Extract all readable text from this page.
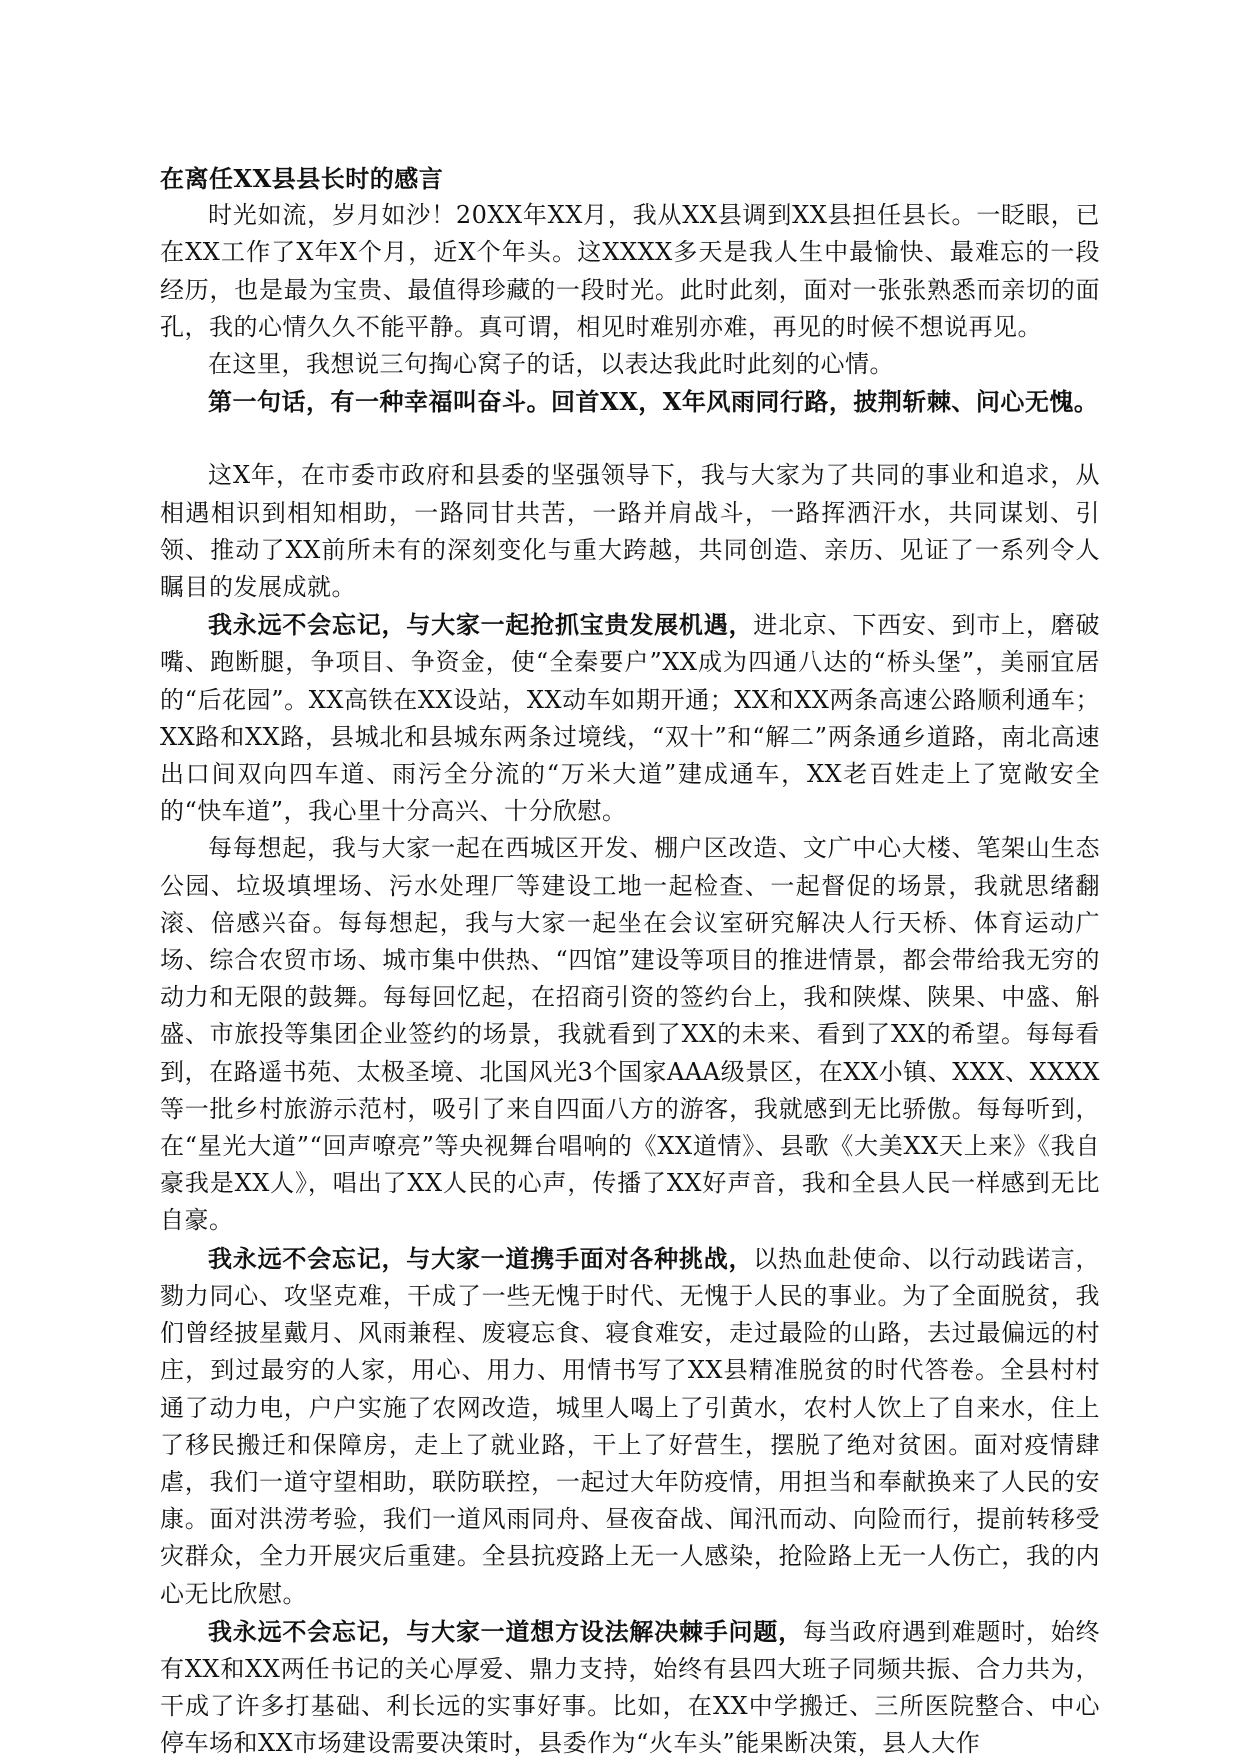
在离任XX县县长时的感言

时光如流，岁月如沙！20XX年XX月，我从XX县调到XX县担任县长。一眨眼，已在XX工作了X年X个月，近X个年头。这XXXX多天是我人生中最愉快、最难忘的一段经历，也是最为宝贵、最值得珍藏的一段时光。此时此刻，面对一张张熟悉而亲切的面孔，我的心情久久不能平静。真可谓，相见时难别亦难，再见的时候不想说再见。

在这里，我想说三句掏心窝子的话，以表达我此时此刻的心情。

第一句话，有一种幸福叫奋斗。回首XX，X年风雨同行路，披荆斩棘、问心无愧。

这X年，在市委市政府和县委的坚强领导下，我与大家为了共同的事业和追求，从相遇相识到相知相助，一路同甘共苦，一路并肩战斗，一路挥洒汗水，共同谋划、引领、推动了XX前所未有的深刻变化与重大跨越，共同创造、亲历、见证了一系列令人瞩目的发展成就。

我永远不会忘记，与大家一起抢抓宝贵发展机遇，进北京、下西安、到市上，磨破嘴、跑断腿，争项目、争资金，使“全秦要户”XX成为四通八达的“桥头堡”，美丽宜居的“后花园”。XX高铁在XX设站，XX动车如期开通；XX和XX两条高速公路顺利通车；XX路和XX路，县城北和县城东两条过境线，“双十”和“解二”两条通乡道路，南北高速出口间双向四车道、雨污全分流的“万米大道”建成通车，XX老百姓走上了宽敞安全的“快车道”，我心里十分高兴、十分欣慰。

每每想起，我与大家一起在西城区开发、棚户区改造、文广中心大楼、笔架山生态公园、垃圾填埋场、污水处理厂等建设工地一起检查、一起督促的场景，我就思绪翻滚、倍感兴奋。每每想起，我与大家一起坐在会议室研究解决人行天桥、体育运动广场、综合农贸市场、城市集中供热、“四馆”建设等项目的推进情景，都会带给我无穷的动力和无限的鼓舞。每每回忆起，在招商引资的签约台上，我和陕煤、陕果、中盛、斛盛、市旅投等集团企业签约的场景，我就看到了XX的未来、看到了XX的希望。每每看到，在路遥书苑、太极圣境、北国风光3个国家AAA级景区，在XX小镇、XXX、XXXX等一批乡村旅游示范村，吸引了来自四面八方的游客，我就感到无比骄傲。每每听到，在“星光大道”“回声嘹亮”等央视舞台唱响的《XX道情》、县歌《大美XX天上来》《我自豪我是XX人》，唱出了XX人民的心声，传播了XX好声音，我和全县人民一样感到无比自豪。

我永远不会忘记，与大家一道携手面对各种挑战，以热血赴使命、以行动践诺言，勠力同心、攻坚克难，干成了一些无愧于时代、无愧于人民的事业。为了全面脱贫，我们曾经披星戴月、风雨兼程、废寝忘食、寝食难安，走过最险的山路，去过最偏远的村庄，到过最穷的人家，用心、用力、用情书写了XX县精准脱贫的时代答卷。全县村村通了动力电，户户实施了农网改造，城里人喝上了引黄水，农村人饮上了自来水，住上了移民搬迁和保障房，走上了就业路，干上了好营生，摆脱了绝对贫困。面对疫情肆虐，我们一道守望相助，联防联控，一起过大年防疫情，用担当和奉献换来了人民的安康。面对洪涝考验，我们一道风雨同舟、昼夜奋战、闻汛而动、向险而行，提前转移受灾群众，全力开展灾后重建。全县抗疫路上无一人感染，抢险路上无一人伤亡，我的内心无比欣慰。

我永远不会忘记，与大家一道想方设法解决棘手问题，每当政府遇到难题时，始终有XX和XX两任书记的关心厚爱、鼎力支持，始终有县四大班子同频共振、合力共为，干成了许多打基础、利长远的实事好事。比如，在XX中学搬迁、三所医院整合、中心停车场和XX市场建设需要决策时，县委作为“火车头”能果断决策，县人大作
